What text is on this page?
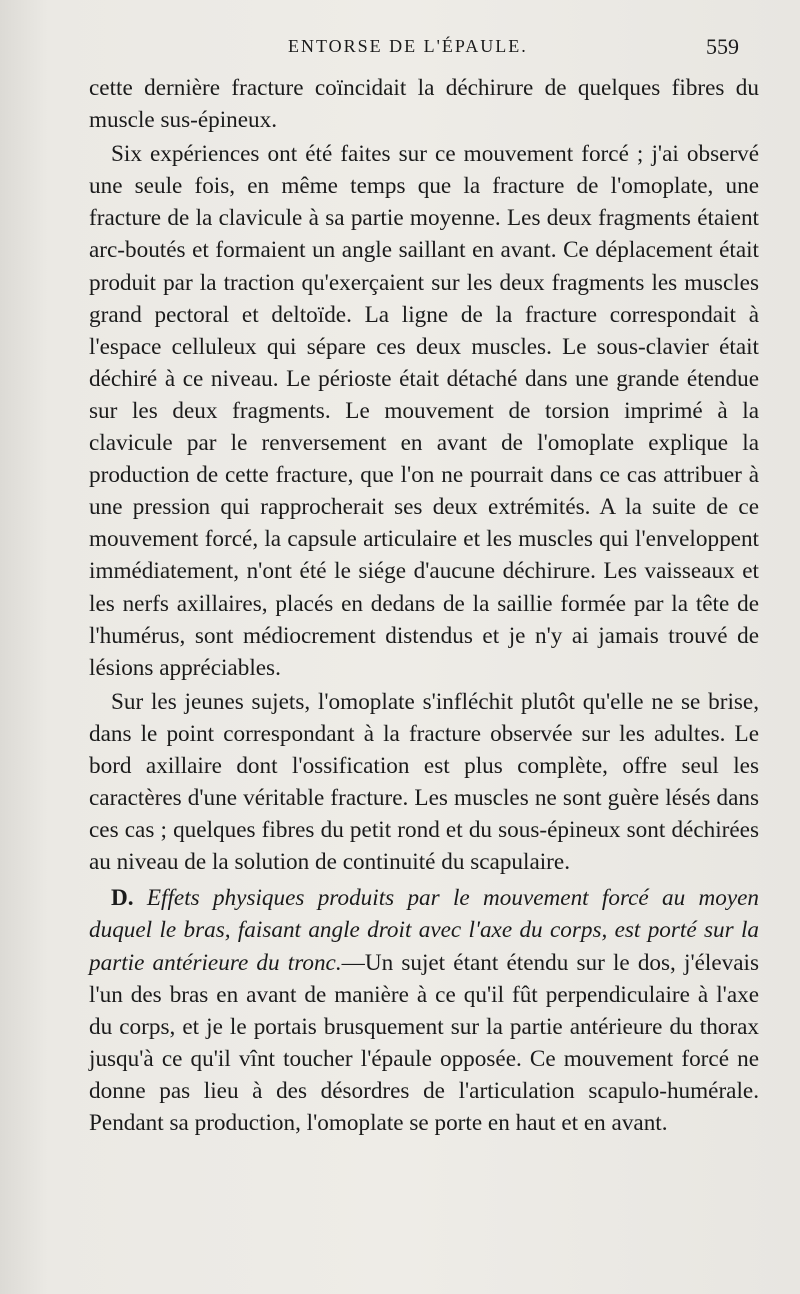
ENTORSE DE L'ÉPAULE.	559

cette dernière fracture coïncidait la déchirure de quelques fibres du muscle sus-épineux.

Six expériences ont été faites sur ce mouvement forcé ; j'ai observé une seule fois, en même temps que la fracture de l'omoplate, une fracture de la clavicule à sa partie moyenne. Les deux fragments étaient arc-boutés et formaient un angle saillant en avant. Ce déplacement était produit par la traction qu'exerçaient sur les deux fragments les muscles grand pectoral et deltoïde. La ligne de la fracture correspondait à l'espace celluleux qui sépare ces deux muscles. Le sous-clavier était déchiré à ce niveau. Le périoste était détaché dans une grande étendue sur les deux fragments. Le mouvement de torsion imprimé à la clavicule par le renversement en avant de l'omoplate explique la production de cette fracture, que l'on ne pourrait dans ce cas attribuer à une pression qui rapprocherait ses deux extrémités. A la suite de ce mouvement forcé, la capsule articulaire et les muscles qui l'enveloppent immédiatement, n'ont été le siége d'aucune déchirure. Les vaisseaux et les nerfs axillaires, placés en dedans de la saillie formée par la tête de l'humérus, sont médiocrement distendus et je n'y ai jamais trouvé de lésions appréciables.

Sur les jeunes sujets, l'omoplate s'infléchit plutôt qu'elle ne se brise, dans le point correspondant à la fracture observée sur les adultes. Le bord axillaire dont l'ossification est plus complète, offre seul les caractères d'une véritable fracture. Les muscles ne sont guère lésés dans ces cas ; quelques fibres du petit rond et du sous-épineux sont déchirées au niveau de la solution de continuité du scapulaire.

D. Effets physiques produits par le mouvement forcé au moyen duquel le bras, faisant angle droit avec l'axe du corps, est porté sur la partie antérieure du tronc.—Un sujet étant étendu sur le dos, j'élevais l'un des bras en avant de manière à ce qu'il fût perpendiculaire à l'axe du corps, et je le portais brusquement sur la partie antérieure du thorax jusqu'à ce qu'il vînt toucher l'épaule opposée. Ce mouvement forcé ne donne pas lieu à des désordres de l'articulation scapulo-humérale. Pendant sa production, l'omoplate se porte en haut et en avant.
